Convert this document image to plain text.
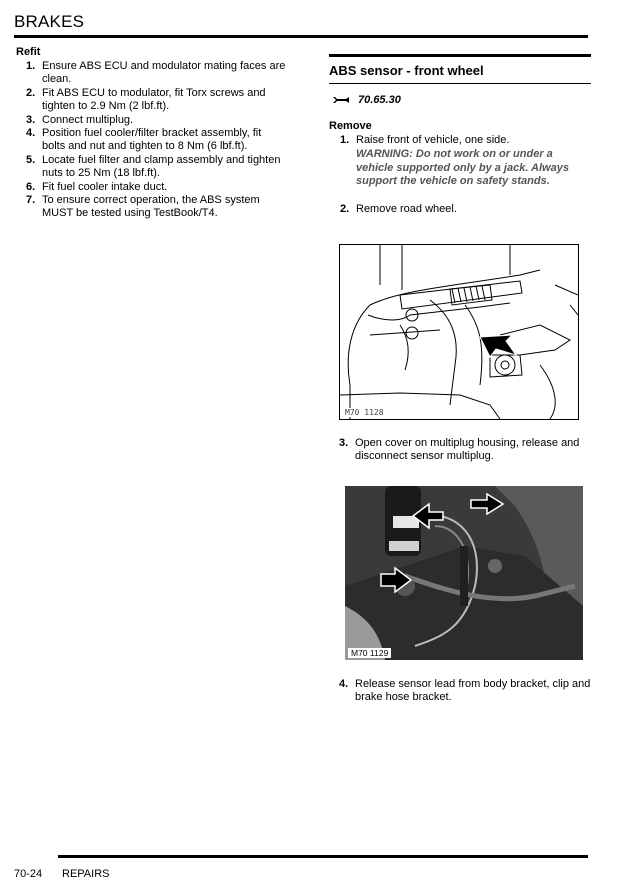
BRAKES
Refit
1. Ensure ABS ECU and modulator mating faces are clean.
2. Fit ABS ECU to modulator, fit Torx screws and tighten to 2.9 Nm (2 lbf.ft).
3. Connect multiplug.
4. Position fuel cooler/filter bracket assembly, fit bolts and nut and tighten to 8 Nm (6 lbf.ft).
5. Locate fuel filter and clamp assembly and tighten nuts to 25 Nm (18 lbf.ft).
6. Fit fuel cooler intake duct.
7. To ensure correct operation, the ABS system MUST be tested using TestBook/T4.
ABS sensor - front wheel
70.65.30
Remove
1. Raise front of vehicle, one side.
WARNING: Do not work on or under a vehicle supported only by a jack. Always support the vehicle on safety stands.
2. Remove road wheel.
M70 1128
3. Open cover on multiplug housing, release and disconnect sensor multiplug.
M70 1129
4. Release sensor lead from body bracket, clip and brake hose bracket.
70-24 REPAIRS
